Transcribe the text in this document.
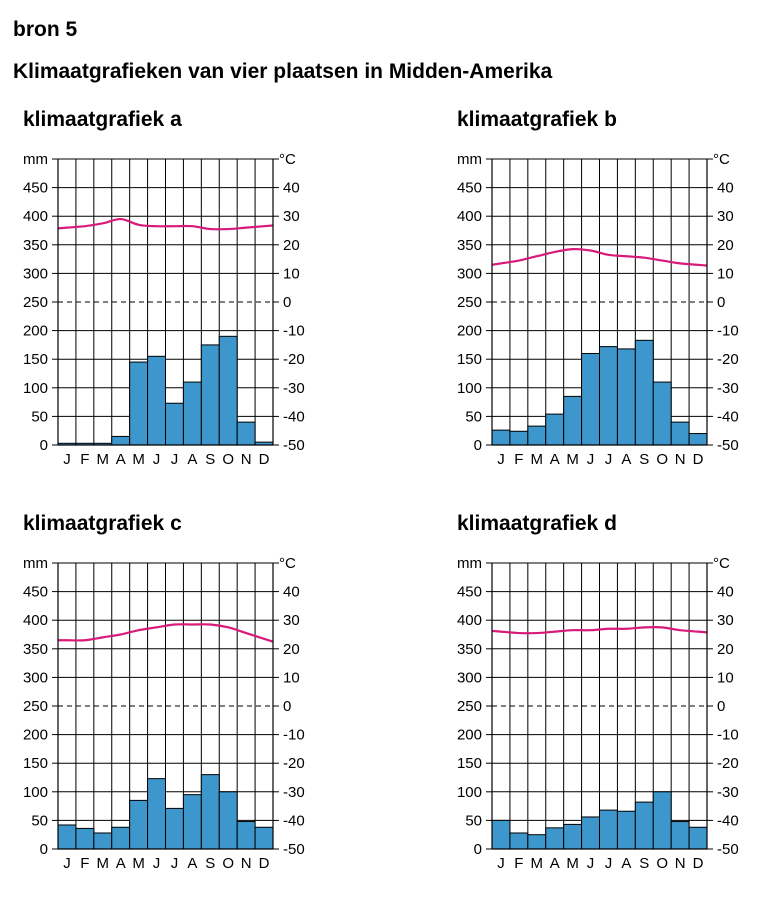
bron 5
Klimaatgrafieken van vier plaatsen in Midden-Amerika
klimaatgrafiek a
0
50
100
150
200
250
300
350
400
450
-50
-40
-30
-20
-10
0
10
20
30
40
mm	°C
J F M A M J J A S O N D
klimaatgrafiek b
0
50
100
150
200
250
300
350
400
450
-50
-40
-30
-20
-10
0
10
20
30
40
mm	°C
J F M A M J J A S O N D
klimaatgrafiek c
0
50
100
150
200
250
300
350
400
450
-50
-40
-30
-20
-10
0
10
20
30
40
mm	°C
J F M A M J J A S O N D
klimaatgrafiek d
0
50
100
150
200
250
300
350
400
450
-50
-40
-30
-20
-10
0
10
20
30
40
mm	°C
J F M A M J J A S O N D
